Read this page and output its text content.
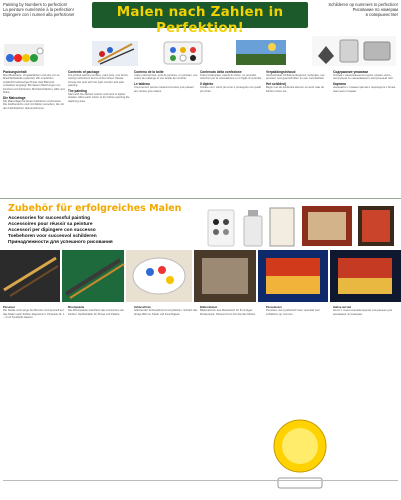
Painting by Numbers to perfection!
La peinture numérotée à la perfection!
Dipingere con i numeri alla perfezione!	Malen nach Zahlen in Perfektion!
Schilderen op nummers to perfection!
Рисование по номерам
в совершенстве!
Packungsinhalt

Mal-/Motivkarte, Vorgabefarben und eine vor-zu Mischfarbtabelle (optional). Wir empfehlen zusätzlich farbwertige Pinsel. Das Bild wird vorlackiert angelegt. Bei diesen Mischungen von Feinheit und Schönheit. Mit Fleischfarben, Hilfe und Ruhe.

Die Malvorlage

Die Malvorlage hat feinen Farbtönen und Kanten. Die Farbbereiche sind mit Zahlen versehen, die mit den Farbtöpfchen übereinstimmen.

Contents of package

Pre-printed painting surface, paint pots, one brush, mixing instructions and a control sheet. Please choose the pots with the right number and start painting.

The painting

Start with the darkest colours and work to lighter shades. Allow each colour to dry before painting the adjoining area.

Contenu de la boîte

Carte préimprimée, pots de peinture, un pinceau, une notice de mélange et une feuille de contrôle.

Le tableau

Commencez par les couleurs foncées puis passez aux teintes plus claires.

Contenuto della confezione

Tela prestampata, vasetti di colore, un pennello, istruzioni per la miscelazione e un foglio di controllo.

Il dipinto

Iniziare con i colori più scuri e proseguire con quelli più chiari.

Verpakkingsinhoud

Voorbedrukte schilderondergrond, verfpotjes, een penseel, mengvoorschriften en een controleblad.

Het schilderij

Begin met de donkerste kleuren en werk naar de lichtere tinten toe.

Содержание упаковки

Основа с нанесённым контуром, краски, кисть, инструкция по смешиванию и контрольный лист.

Картина

Начинайте с тёмных цветов и переходите к более светлым оттенкам.

Zubehör für erfolgreiches Malen
Accessories for successful painting
Accessoires pour réussir sa peinture
Accessori per dipingere con successo
Toebehoren voor succesvol schilderen
Принадлежности для успешного рисования
Pinselset

Die Stärke und Länge der Borsten sind speziell auf das Malen nach Zahlen abgestimmt. Pinselset Nr. 1 – 3 mit Synthetik-Haaren.

Mischpalette

Die Mischpalette erleichtert das Anmischen der Farben. Spülbehälter für Pinsel und Palette.

Schlussfirnis

Glänzender Schlussfirnis für Acrylfarben. Schützt das fertige Bild vor Staub und Feuchtigkeit.

Bilderrahmen

Bilderrahmen aus Massivholz für Ihr fertiges Meisterwerk. Passend zum Format des Motivs.

Penselenset

Penselen met synthetisch haar, speciaal voor schilderen op nummer.

Набор кистей

Кисти с синтетическим ворсом специально для рисования по номерам.
